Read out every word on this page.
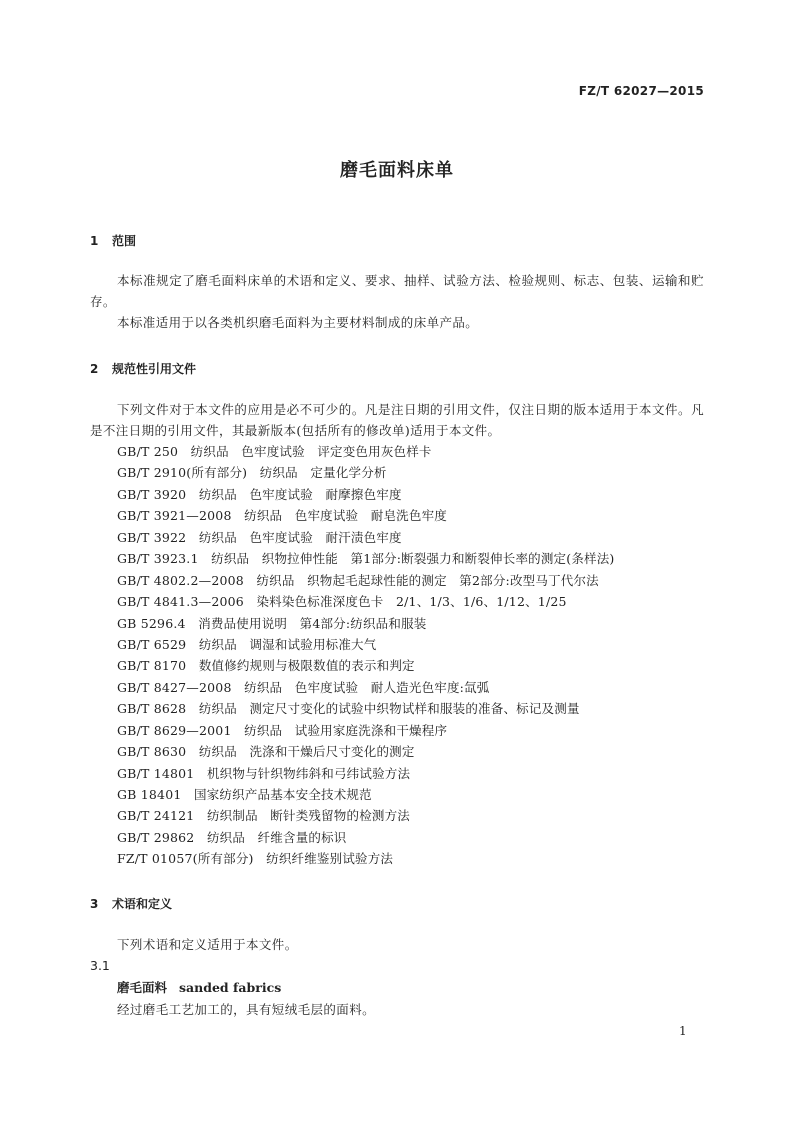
FZ/T 62027—2015
磨毛面料床单
1 范围
本标准规定了磨毛面料床单的术语和定义、要求、抽样、试验方法、检验规则、标志、包装、运输和贮存。
本标准适用于以各类机织磨毛面料为主要材料制成的床单产品。
2 规范性引用文件
下列文件对于本文件的应用是必不可少的。凡是注日期的引用文件，仅注日期的版本适用于本文件。凡是不注日期的引用文件，其最新版本(包括所有的修改单)适用于本文件。
GB/T 250   纺织品   色牢度试验   评定变色用灰色样卡
GB/T 2910(所有部分)   纺织品   定量化学分析
GB/T 3920   纺织品   色牢度试验   耐摩擦色牢度
GB/T 3921—2008   纺织品   色牢度试验   耐皂洗色牢度
GB/T 3922   纺织品   色牢度试验   耐汗渍色牢度
GB/T 3923.1   纺织品   织物拉伸性能   第1部分:断裂强力和断裂伸长率的测定(条样法)
GB/T 4802.2—2008   纺织品   织物起毛起球性能的测定   第2部分:改型马丁代尔法
GB/T 4841.3—2006   染料染色标准深度色卡   2/1、1/3、1/6、1/12、1/25
GB 5296.4   消费品使用说明   第4部分:纺织品和服装
GB/T 6529   纺织品   调湿和试验用标准大气
GB/T 8170   数值修约规则与极限数值的表示和判定
GB/T 8427—2008   纺织品   色牢度试验   耐人造光色牢度:氙弧
GB/T 8628   纺织品   测定尺寸变化的试验中织物试样和服装的准备、标记及测量
GB/T 8629—2001   纺织品   试验用家庭洗涤和干燥程序
GB/T 8630   纺织品   洗涤和干燥后尺寸变化的测定
GB/T 14801   机织物与针织物纬斜和弓纬试验方法
GB 18401   国家纺织产品基本安全技术规范
GB/T 24121   纺织制品   断针类残留物的检测方法
GB/T 29862   纺织品   纤维含量的标识
FZ/T 01057(所有部分)   纺织纤维鉴别试验方法
3 术语和定义
下列术语和定义适用于本文件。
3.1
磨毛面料 sanded fabrics
经过磨毛工艺加工的，具有短绒毛层的面料。
1
